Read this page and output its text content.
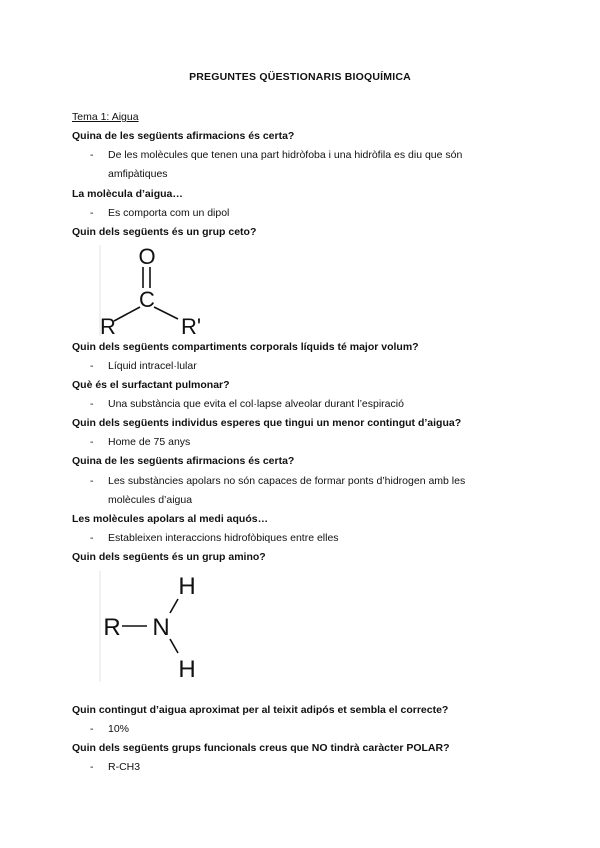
PREGUNTES QÜESTIONARIS BIOQUÍMICA
Tema 1: Aigua
Quina de les següents afirmacions és certa?
- De les molècules que tenen una part hidròfoba i una hidròfila es diu que són
amfipàtiques
La molècula d’aigua…
- Es comporta com un dipol
Quin dels següents és un grup ceto?
O
C
R	R'
Quin dels següents compartiments corporals líquids té major volum?
- Líquid intracel·lular
Què és el surfactant pulmonar?
- Una substància que evita el col·lapse alveolar durant l’espiració
Quin dels següents individus esperes que tingui un menor contingut d’aigua?
- Home de 75 anys
Quina de les següents afirmacions és certa?
- Les substàncies apolars no són capaces de formar ponts d’hidrogen amb les
molècules d’aigua
Les molècules apolars al medi aquós…
- Estableixen interaccions hidrofòbiques entre elles
Quin dels següents és un grup amino?
R N
H
H
Quin contingut d’aigua aproximat per al teixit adipós et sembla el correcte?
- 10%
Quin dels següents grups funcionals creus que NO tindrà caràcter POLAR?
- R-CH3
